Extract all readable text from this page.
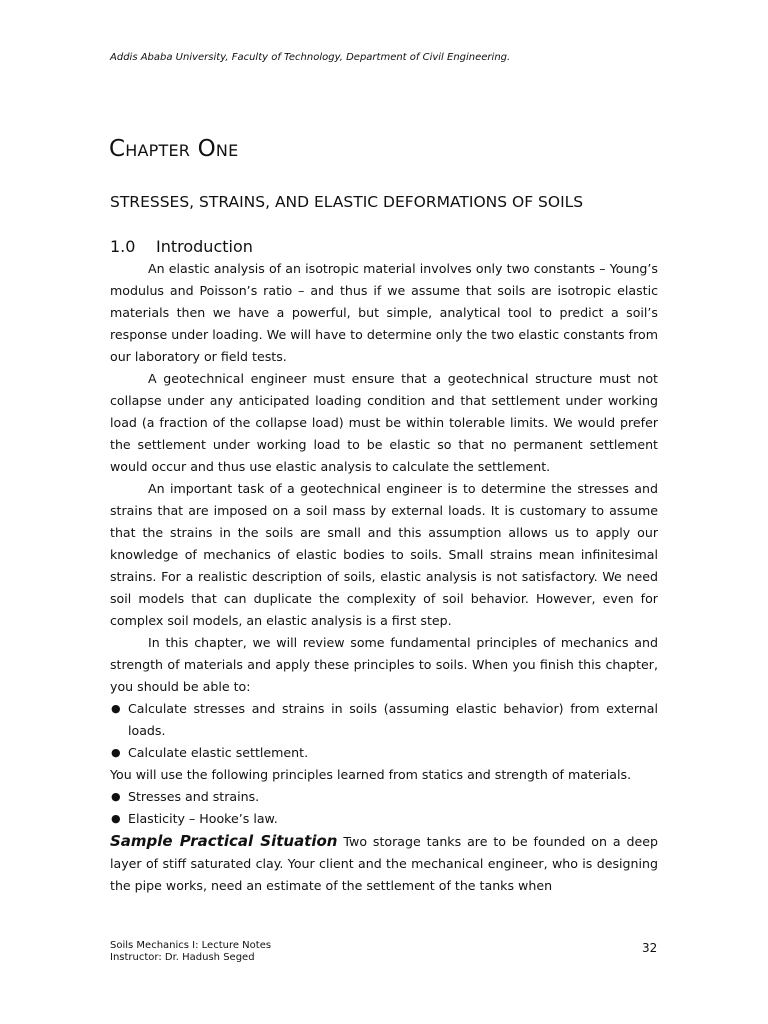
Addis Ababa University, Faculty of Technology, Department of Civil Engineering.
Chapter One
STRESSES, STRAINS, AND ELASTIC DEFORMATIONS OF SOILS
1.0 Introduction

An elastic analysis of an isotropic material involves only two constants – Young’s modulus and Poisson’s ratio – and thus if we assume that soils are isotropic elastic materials then we have a powerful, but simple, analytical tool to predict a soil’s response under loading. We will have to determine only the two elastic constants from our laboratory or field tests.

A geotechnical engineer must ensure that a geotechnical structure must not collapse under any anticipated loading condition and that settlement under working load (a fraction of the collapse load) must be within tolerable limits. We would prefer the settlement under working load to be elastic so that no permanent settlement would occur and thus use elastic analysis to calculate the settlement.

An important task of a geotechnical engineer is to determine the stresses and strains that are imposed on a soil mass by external loads. It is customary to assume that the strains in the soils are small and this assumption allows us to apply our knowledge of mechanics of elastic bodies to soils. Small strains mean infinitesimal strains. For a realistic description of soils, elastic analysis is not satisfactory. We need soil models that can duplicate the complexity of soil behavior. However, even for complex soil models, an elastic analysis is a first step.

In this chapter, we will review some fundamental principles of mechanics and strength of materials and apply these principles to soils. When you finish this chapter, you should be able to:

● Calculate stresses and strains in soils (assuming elastic behavior) from external loads.
● Calculate elastic settlement.

You will use the following principles learned from statics and strength of materials.

● Stresses and strains.
● Elasticity – Hooke’s law.

Sample Practical Situation Two storage tanks are to be founded on a deep layer of stiff saturated clay. Your client and the mechanical engineer, who is designing the pipe works, need an estimate of the settlement of the tanks when

Soils Mechanics I: Lecture Notes
Instructor: Dr. Hadush Seged
32
